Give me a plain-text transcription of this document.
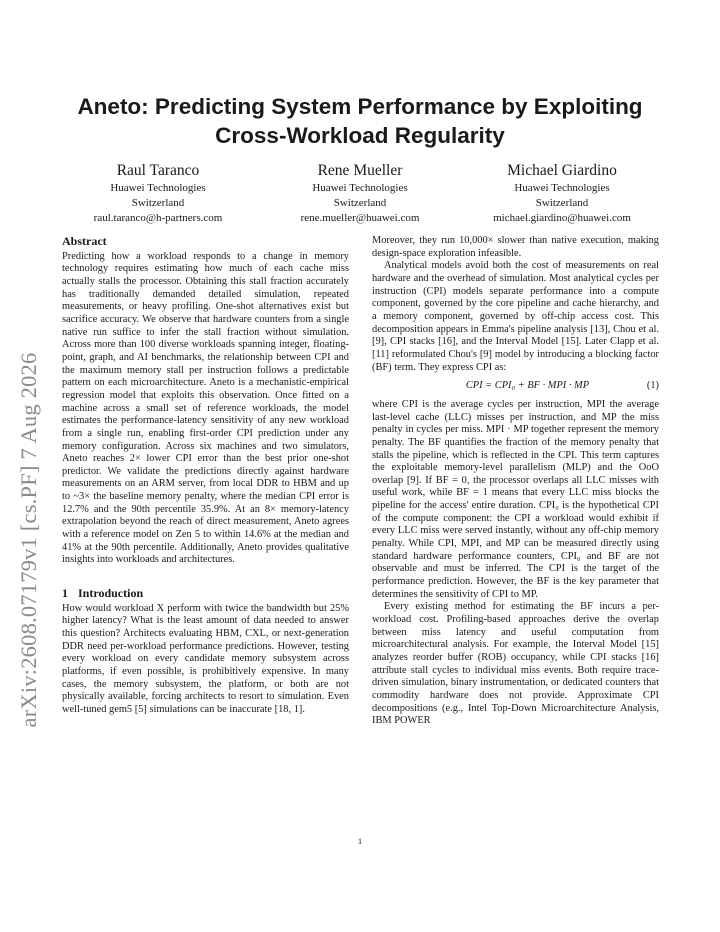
arXiv:2608.07179v1 [cs.PF] 7 Aug 2026
Aneto: Predicting System Performance by Exploiting Cross-Workload Regularity
Raul Taranco
Huawei Technologies
Switzerland
raul.taranco@h-partners.com
Rene Mueller
Huawei Technologies
Switzerland
rene.mueller@huawei.com
Michael Giardino
Huawei Technologies
Switzerland
michael.giardino@huawei.com
Abstract

Predicting how a workload responds to a change in memory technology requires estimating how much of each cache miss actually stalls the processor. Obtaining this stall fraction accurately has traditionally demanded detailed simulation, repeated measurements, or heavy profiling. One-shot alternatives exist but sacrifice accuracy. We observe that hardware counters from a single native run suffice to infer the stall fraction without simulation. Across more than 100 diverse workloads spanning integer, floating-point, graph, and AI benchmarks, the relationship between CPI and the maximum memory stall per instruction follows a predictable pattern on each microarchitecture. Aneto is a mechanistic-empirical regression model that exploits this observation. Once fitted on a machine across a small set of reference workloads, the model estimates the performance-latency sensitivity of any new workload from a single run, enabling first-order CPI prediction under any memory configuration. Across six machines and two simulators, Aneto reaches 2× lower CPI error than the best prior one-shot predictor. We validate the predictions directly against hardware measurements on an ARM server, from local DDR to HBM and up to ~3× the baseline memory penalty, where the median CPI error is 12.7% and the 90th percentile 35.9%. At an 8× memory-latency extrapolation beyond the reach of direct measurement, Aneto agrees with a reference model on Zen 5 to within 14.6% at the median and 41% at the 90th percentile. Additionally, Aneto provides qualitative insights into workloads and architectures.

1 Introduction

How would workload X perform with twice the bandwidth but 25% higher latency? What is the least amount of data needed to answer this question? Architects evaluating HBM, CXL, or next-generation DDR need per-workload performance predictions. However, testing every workload on every candidate memory subsystem across platforms, if even possible, is prohibitively expensive. In many cases, the memory subsystem, the platform, or both are not physically available, forcing architects to resort to simulation. Even well-tuned gem5 [5] simulations can be inaccurate [18, 1].

Moreover, they run 10,000× slower than native execution, making design-space exploration infeasible.

Analytical models avoid both the cost of measurements on real hardware and the overhead of simulation. Most analytical cycles per instruction (CPI) models separate performance into a compute component, governed by the core pipeline and cache hierarchy, and a memory component, governed by off-chip access cost. This decomposition appears in Emma's pipeline analysis [13], Chou et al. [9], CPI stacks [16], and the Interval Model [15]. Later Clapp et al. [11] reformulated Chou's [9] model by introducing a blocking factor (BF) term. They express CPI as:

CPI = CPI₀ + BF · MPI · MP	(1)

where CPI is the average cycles per instruction, MPI the average last-level cache (LLC) misses per instruction, and MP the miss penalty in cycles per miss. MPI · MP together represent the memory penalty. The BF quantifies the fraction of the memory penalty that stalls the pipeline, which is reflected in the CPI. This term captures the exploitable memory-level parallelism (MLP) and the OoO overlap [9]. If BF = 0, the processor overlaps all LLC misses with useful work, while BF = 1 means that every LLC miss blocks the pipeline for the access' entire duration. CPI₀ is the hypothetical CPI of the compute component: the CPI a workload would exhibit if every LLC miss were served instantly, without any off-chip memory penalty. While CPI, MPI, and MP can be measured directly using standard hardware performance counters, CPI₀ and BF are not observable and must be inferred. The CPI is the target of the performance prediction. However, the BF is the key parameter that determines the sensitivity of CPI to MP.

Every existing method for estimating the BF incurs a per-workload cost. Profiling-based approaches derive the overlap between miss latency and useful computation from microarchitectural analysis. For example, the Interval Model [15] analyzes reorder buffer (ROB) occupancy, while CPI stacks [16] attribute stall cycles to individual miss events. Both require trace-driven simulation, binary instrumentation, or dedicated counters that commodity hardware does not provide. Approximate CPI decompositions (e.g., Intel Top-Down Microarchitecture Analysis, IBM POWER

1
